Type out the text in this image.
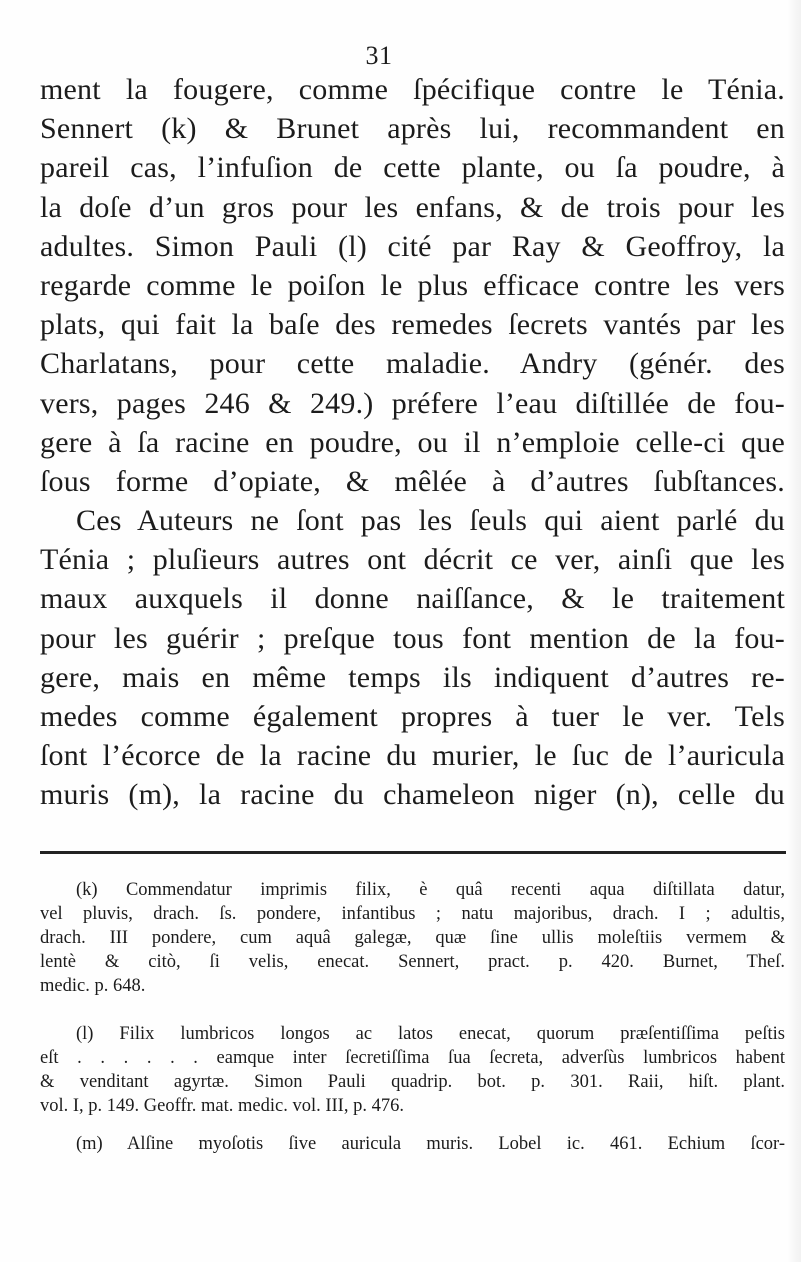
31
ment la fougere, comme ſpécifique contre le Ténia.
Sennert (k) & Brunet après lui, recommandent en
pareil cas, l’infuſion de cette plante, ou ſa poudre, à
la doſe d’un gros pour les enfans, & de trois pour les
adultes. Simon Pauli (l) cité par Ray & Geoffroy, la
regarde comme le poiſon le plus efficace contre les vers
plats, qui fait la baſe des remedes ſecrets vantés par les
Charlatans, pour cette maladie. Andry (génér. des
vers, pages 246 & 249.) préfere l’eau diſtillée de fou-
gere à ſa racine en poudre, ou il n’emploie celle-ci que
ſous forme d’opiate, & mêlée à d’autres ſubſtances.
Ces Auteurs ne ſont pas les ſeuls qui aient parlé du
Ténia ; pluſieurs autres ont décrit ce ver, ainſi que les
maux auxquels il donne naiſſance, & le traitement
pour les guérir ; preſque tous font mention de la fou-
gere, mais en même temps ils indiquent d’autres re-
medes comme également propres à tuer le ver. Tels
ſont l’écorce de la racine du murier, le ſuc de l’auricula
muris (m), la racine du chameleon niger (n), celle du
(k) Commendatur imprimis filix, è quâ recenti aqua diſtillata datur,
vel pluvis, drach. ſs. pondere, infantibus ; natu majoribus, drach. I ; adultis,
drach. III pondere, cum aquâ galegæ, quæ ſine ullis moleſtiis vermem &
lentè & citò, ſi velis, enecat. Sennert, pract. p. 420. Burnet, Theſ.
medic. p. 648.
(l) Filix lumbricos longos ac latos enecat, quorum præſentiſſima peſtis
eſt . . . . . . eamque inter ſecretiſſima ſua ſecreta, adverſùs lumbricos habent
& venditant agyrtæ. Simon Pauli quadrip. bot. p. 301. Raii, hiſt. plant.
vol. I, p. 149. Geoffr. mat. medic. vol. III, p. 476.
(m) Alſine myoſotis ſive auricula muris. Lobel ic. 461. Echium ſcor-
